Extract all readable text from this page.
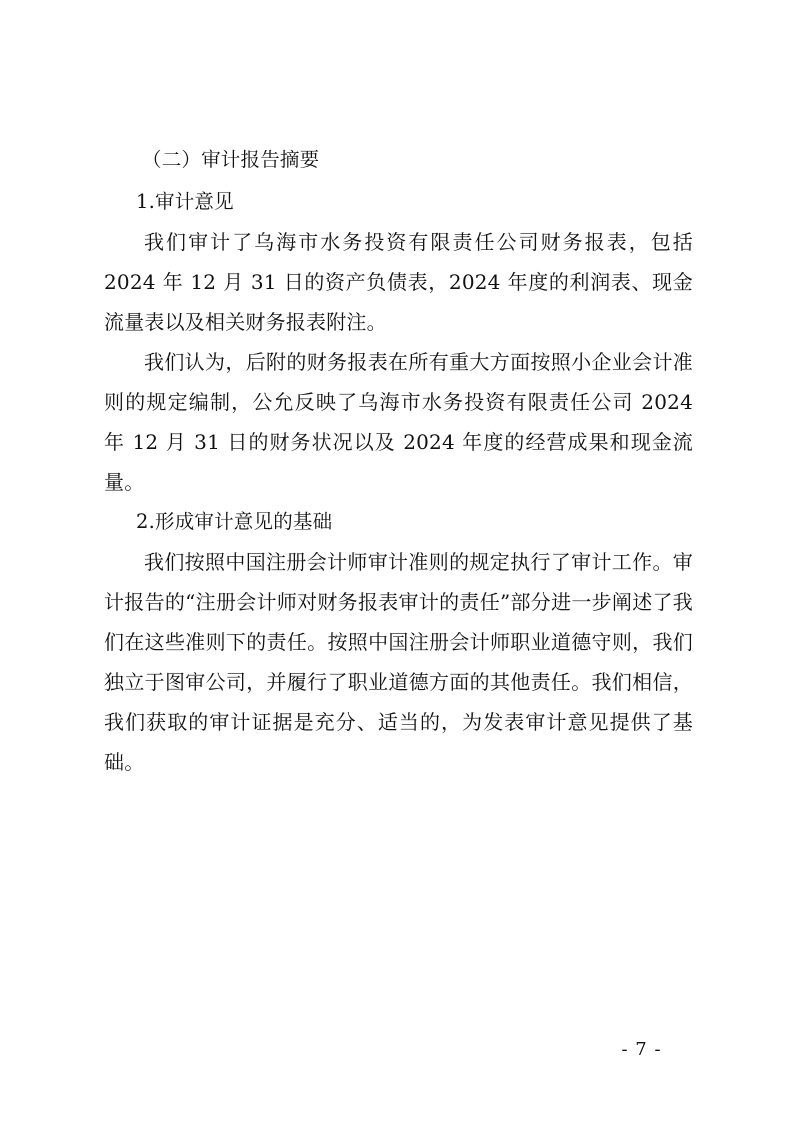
（二）审计报告摘要

1.审计意见

我们审计了乌海市水务投资有限责任公司财务报表，包括2024 年 12 月 31 日的资产负债表，2024 年度的利润表、现金流量表以及相关财务报表附注。

我们认为，后附的财务报表在所有重大方面按照小企业会计准则的规定编制，公允反映了乌海市水务投资有限责任公司 2024 年 12 月 31 日的财务状况以及 2024 年度的经营成果和现金流量。

2.形成审计意见的基础

我们按照中国注册会计师审计准则的规定执行了审计工作。审计报告的“注册会计师对财务报表审计的责任”部分进一步阐述了我们在这些准则下的责任。按照中国注册会计师职业道德守则，我们独立于图审公司，并履行了职业道德方面的其他责任。我们相信，我们获取的审计证据是充分、适当的，为发表审计意见提供了基础。

- 7 -
